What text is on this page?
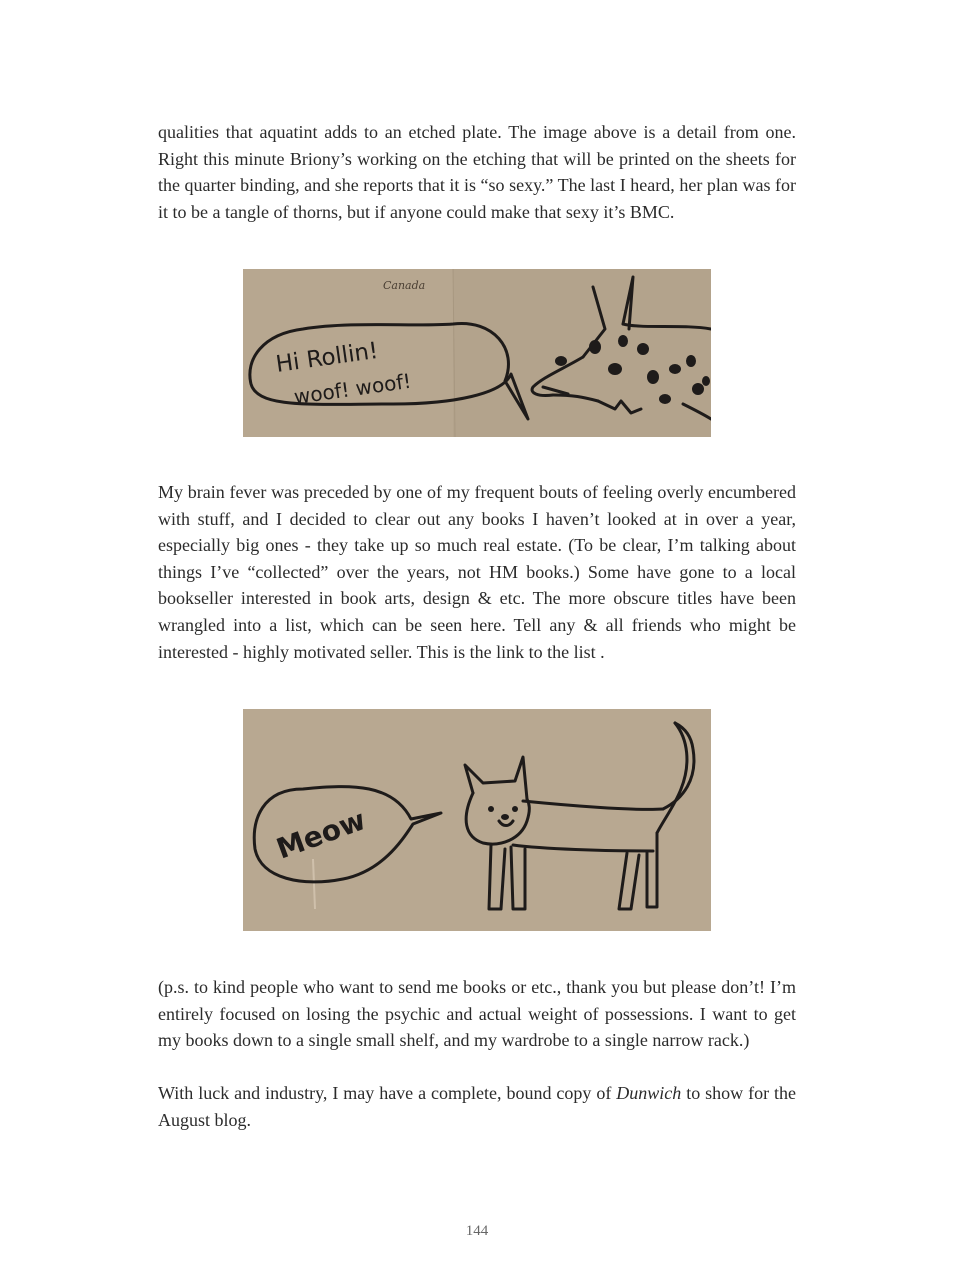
qualities that aquatint adds to an etched plate. The image above is a detail from one. Right this minute Briony’s working on the etching that will be printed on the sheets for the quarter binding, and she reports that it is “so sexy.” The last I heard, her plan was for it to be a tangle of thorns, but if anyone could make that sexy it’s BMC.

Canada
Hi Rollin!
woof! woof!

My brain fever was preceded by one of my frequent bouts of feeling overly encumbered with stuff, and I decided to clear out any books I haven’t looked at in over a year, especially big ones - they take up so much real estate. (To be clear, I’m talking about things I’ve “collected” over the years, not HM books.) Some have gone to a local bookseller interested in book arts, design & etc. The more obscure titles have been wrangled into a list, which can be seen here. Tell any & all friends who might be interested - highly motivated seller. This is the link to the list .

Meow

(p.s. to kind people who want to send me books or etc., thank you but please don’t! I’m entirely focused on losing the psychic and actual weight of possessions. I want to get my books down to a single small shelf, and my wardrobe to a single narrow rack.)

With luck and industry, I may have a complete, bound copy of Dunwich to show for the August blog.

144
